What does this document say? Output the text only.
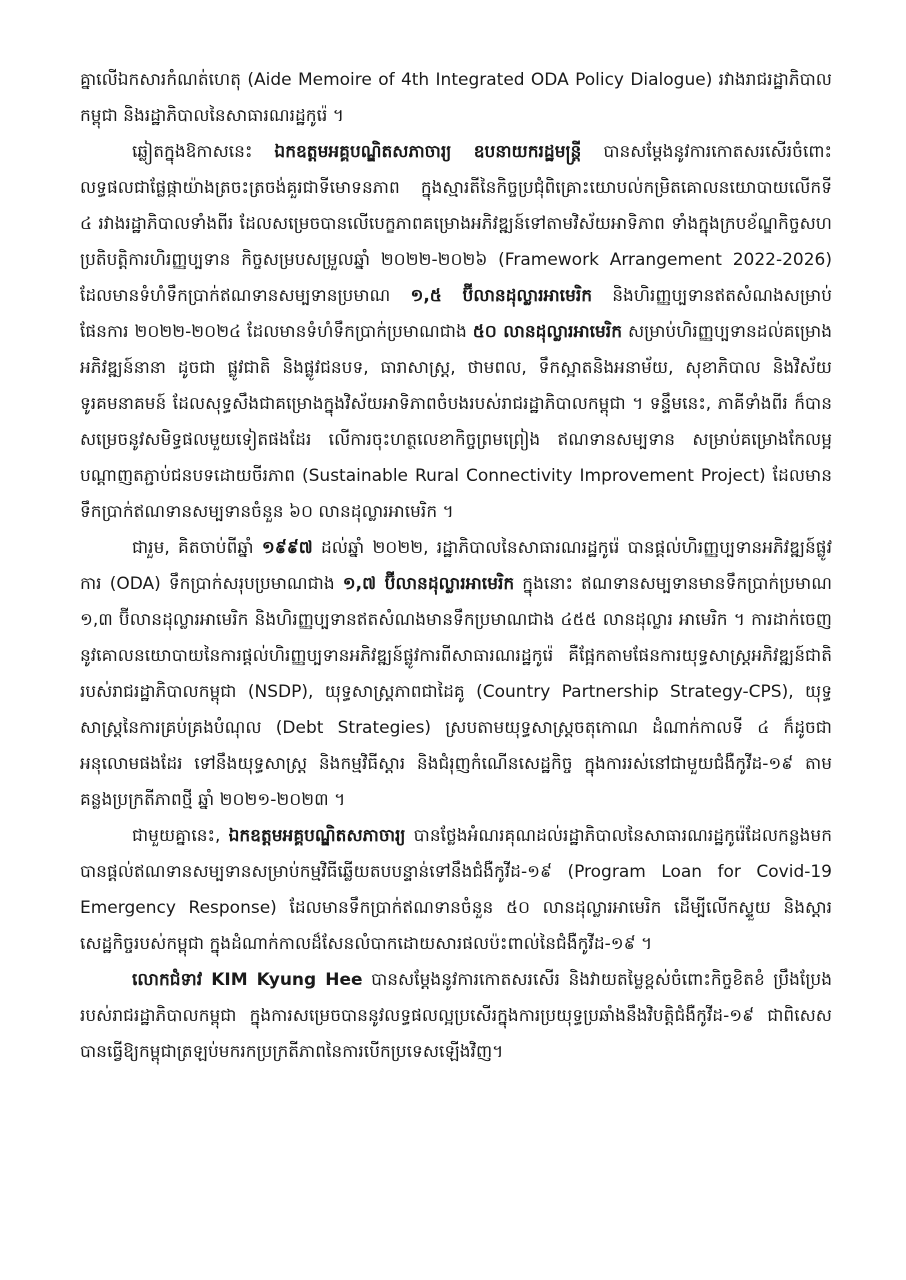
គ្នាលើឯកសារកំណត់ហេតុ (Aide Memoire of 4th Integrated ODA Policy Dialogue) រវាងរាជរដ្ឋាភិបាលកម្ពុជា និងរដ្ឋាភិបាលនៃសាធារណរដ្ឋកូរ៉េ ។

ឆ្លៀតក្នុងឱកាសនេះ ឯកឧត្តមអគ្គបណ្ឌិតសភាចារ្យ ឧបនាយករដ្ឋមន្ត្រី បានសម្តែងនូវការកោតសរសើរចំពោះលទ្ធផលជាផ្លែផ្កាយ៉ាងត្រចះត្រចង់គួរជាទីមោទនភាព ក្នុងស្មារតីនៃកិច្ចប្រជុំពិគ្រោះយោបល់កម្រិតគោលនយោបាយលើកទី ៤ រវាងរដ្ឋាភិបាលទាំងពីរ ដែលសម្រេចបានលើបេក្ខភាពគម្រោងអភិវឌ្ឍន៍ទៅតាមវិស័យអាទិភាព ទាំងក្នុងក្របខ័ណ្ឌកិច្ចសហប្រតិបត្តិការហិរញ្ញប្បទាន កិច្ចសម្របសម្រួលឆ្នាំ ២០២២-២០២៦ (Framework Arrangement 2022-2026) ដែលមានទំហំទឹកប្រាក់ឥណទានសម្បទានប្រមាណ ១,៥ ប៊ីលានដុល្លារអាមេរិក និងហិរញ្ញប្បទានឥតសំណងសម្រាប់ផែនការ ២០២២-២០២៤ ដែលមានទំហំទឹកប្រាក់ប្រមាណជាង ៥០ លានដុល្លារអាមេរិក សម្រាប់ហិរញ្ញប្បទានដល់គម្រោងអភិវឌ្ឍន៍នានា ដូចជា ផ្លូវជាតិ និងផ្លូវជនបទ, ធារាសាស្ត្រ, ថាមពល, ទឹកស្អាតនិងអនាម័យ, សុខាភិបាល និងវិស័យទូរគមនាគមន៍ ដែលសុទ្ធសឹងជាគម្រោងក្នុងវិស័យអាទិភាពចំបងរបស់រាជរដ្ឋាភិបាលកម្ពុជា ។ ទន្ទឹមនេះ, ភាគីទាំងពីរ ក៏បានសម្រេចនូវសមិទ្ធផលមួយទៀតផងដែរ លើការចុះហត្ថលេខាកិច្ចព្រមព្រៀង ឥណទានសម្បទាន សម្រាប់គម្រោងកែលម្អបណ្តាញតភ្ជាប់ជនបទដោយចីរភាព (Sustainable Rural Connectivity Improvement Project) ដែលមានទឹកប្រាក់ឥណទានសម្បទានចំនួន ៦០ លានដុល្លារអាមេរិក ។

ជារួម, គិតចាប់ពីឆ្នាំ ១៩៩៧ ដល់ឆ្នាំ ២០២២, រដ្ឋាភិបាលនៃសាធារណរដ្ឋកូរ៉េ បានផ្តល់ហិរញ្ញប្បទានអភិវឌ្ឍន៍ផ្លូវការ (ODA) ទឹកប្រាក់សរុបប្រមាណជាង ១,៧ ប៊ីលានដុល្លារអាមេរិក ក្នុងនោះ ឥណទានសម្បទានមានទឹកប្រាក់ប្រមាណ ១,៣ ប៊ីលានដុល្លារអាមេរិក និងហិរញ្ញប្បទានឥតសំណងមានទឹកប្រមាណជាង ៤៥៥ លានដុល្លារ អាមេរិក ។ ការដាក់ចេញនូវគោលនយោបាយនៃការផ្តល់ហិរញ្ញប្បទានអភិវឌ្ឍន៍ផ្លូវការពីសាធារណរដ្ឋកូរ៉េ គឺផ្អែកតាមផែនការយុទ្ធសាស្ត្រអភិវឌ្ឍន៍ជាតិរបស់រាជរដ្ឋាភិបាលកម្ពុជា (NSDP), យុទ្ធសាស្ត្រភាពជាដៃគូ (Country Partnership Strategy-CPS), យុទ្ធសាស្ត្រនៃការគ្រប់គ្រងបំណុល (Debt Strategies) ស្របតាមយុទ្ធសាស្ត្រចតុកោណ ដំណាក់កាលទី ៤ ក៏ដូចជា អនុលោមផងដែរ ទៅនឹងយុទ្ធសាស្ត្រ និងកម្មវិធីស្តារ និងជំរុញកំណើនសេដ្ឋកិច្ច ក្នុងការរស់នៅជាមួយជំងឺកូវីដ-១៩ តាមគន្លងប្រក្រតីភាពថ្មី ឆ្នាំ ២០២១-២០២៣ ។

ជាមួយគ្នានេះ, ឯកឧត្តមអគ្គបណ្ឌិតសភាចារ្យ បានថ្លែងអំណរគុណដល់រដ្ឋាភិបាលនៃសាធារណរដ្ឋកូរ៉េដែលកន្លងមក បានផ្តល់ឥណទានសម្បទានសម្រាប់កម្មវិធីឆ្លើយតបបន្ទាន់ទៅនឹងជំងឺកូវីដ-១៩ (Program Loan for Covid-19 Emergency Response) ដែលមានទឹកប្រាក់ឥណទានចំនួន ៥០ លានដុល្លារអាមេរិក ដើម្បីលើកស្ទួយ និងស្តារសេដ្ឋកិច្ចរបស់កម្ពុជា ក្នុងដំណាក់កាលដ៏សែនលំបាកដោយសារផលប៉ះពាល់នៃជំងឺកូវីដ-១៩ ។

លោកជំទាវ KIM Kyung Hee បានសម្តែងនូវការកោតសរសើរ និងវាយតម្លៃខ្ពស់ចំពោះកិច្ចខិតខំ ប្រឹងប្រែងរបស់រាជរដ្ឋាភិបាលកម្ពុជា ក្នុងការសម្រេចបាននូវលទ្ធផលល្អប្រសើរក្នុងការប្រយុទ្ធប្រឆាំងនឹងវិបត្តិជំងឺកូវីដ-១៩ ជាពិសេសបានធ្វើឱ្យកម្ពុជាត្រឡប់មករកប្រក្រតីភាពនៃការបើកប្រទេសឡើងវិញ។
